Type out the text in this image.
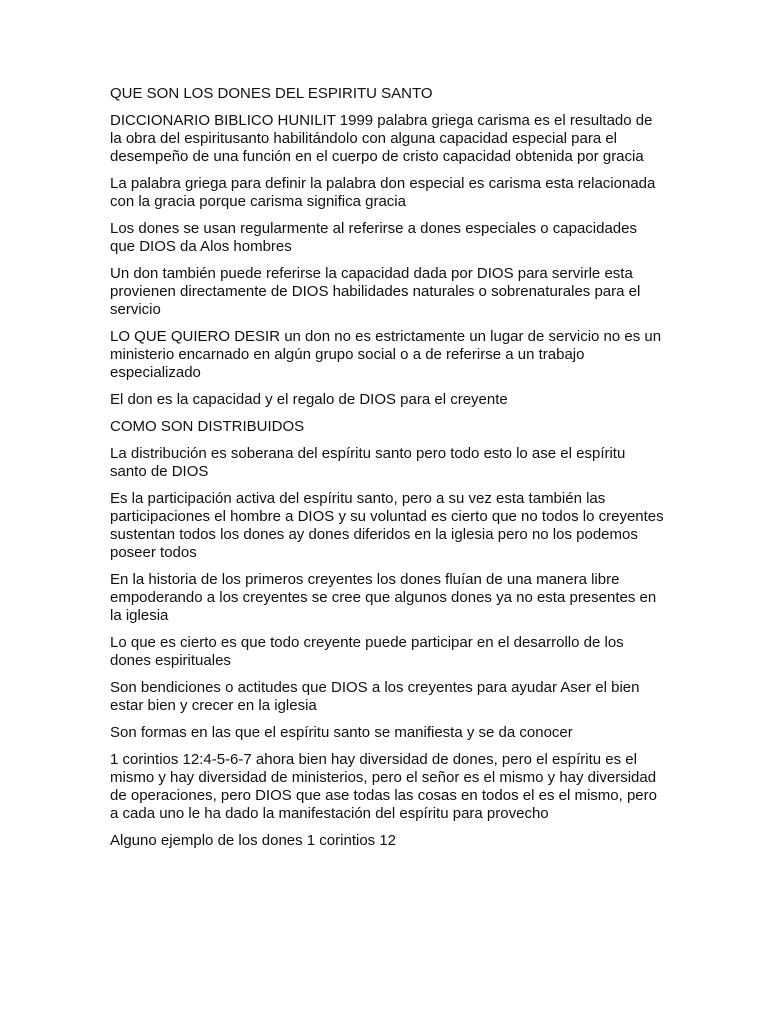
QUE SON LOS DONES DEL ESPIRITU SANTO

DICCIONARIO BIBLICO HUNILIT 1999 palabra griega carisma es el resultado de la obra del espiritusanto habilitándolo con alguna capacidad especial para el desempeño de una función en el cuerpo de cristo capacidad obtenida por gracia

La palabra griega para definir la palabra don especial es carisma esta relacionada con la gracia porque carisma significa gracia

Los dones se usan regularmente al referirse a dones especiales o capacidades que DIOS da Alos hombres

Un don también puede referirse la capacidad dada por DIOS para servirle esta provienen directamente de DIOS habilidades naturales o sobrenaturales para el servicio

LO QUE QUIERO DESIR un don no es estrictamente un lugar de servicio no es un ministerio encarnado en algún grupo social o a de referirse a un trabajo especializado

El don es la capacidad y el regalo de DIOS para el creyente

COMO SON DISTRIBUIDOS

La distribución es soberana del espíritu santo pero todo esto lo ase el espíritu santo de DIOS

Es la participación activa del espíritu santo, pero a su vez esta también las participaciones el hombre a DIOS y su voluntad es cierto que no todos lo creyentes sustentan todos los dones ay dones diferidos en la iglesia pero no los podemos poseer todos

En la historia de los primeros creyentes los dones fluían de una manera libre empoderando a los creyentes se cree que algunos dones ya no esta presentes en la iglesia

Lo que es cierto es que todo creyente puede participar en el desarrollo de los dones espirituales

Son bendiciones o actitudes que DIOS a los creyentes para ayudar Aser el bien estar bien y crecer en la iglesia

Son formas en las que el espíritu santo se manifiesta y se da conocer

1 corintios 12:4-5-6-7 ahora bien hay diversidad de dones, pero el espíritu es el mismo y hay diversidad de ministerios, pero el señor es el mismo y hay diversidad de operaciones, pero DIOS que ase todas las cosas en todos el es el mismo, pero a cada uno le ha dado la manifestación del espíritu para provecho

Alguno ejemplo de los dones 1 corintios 12
